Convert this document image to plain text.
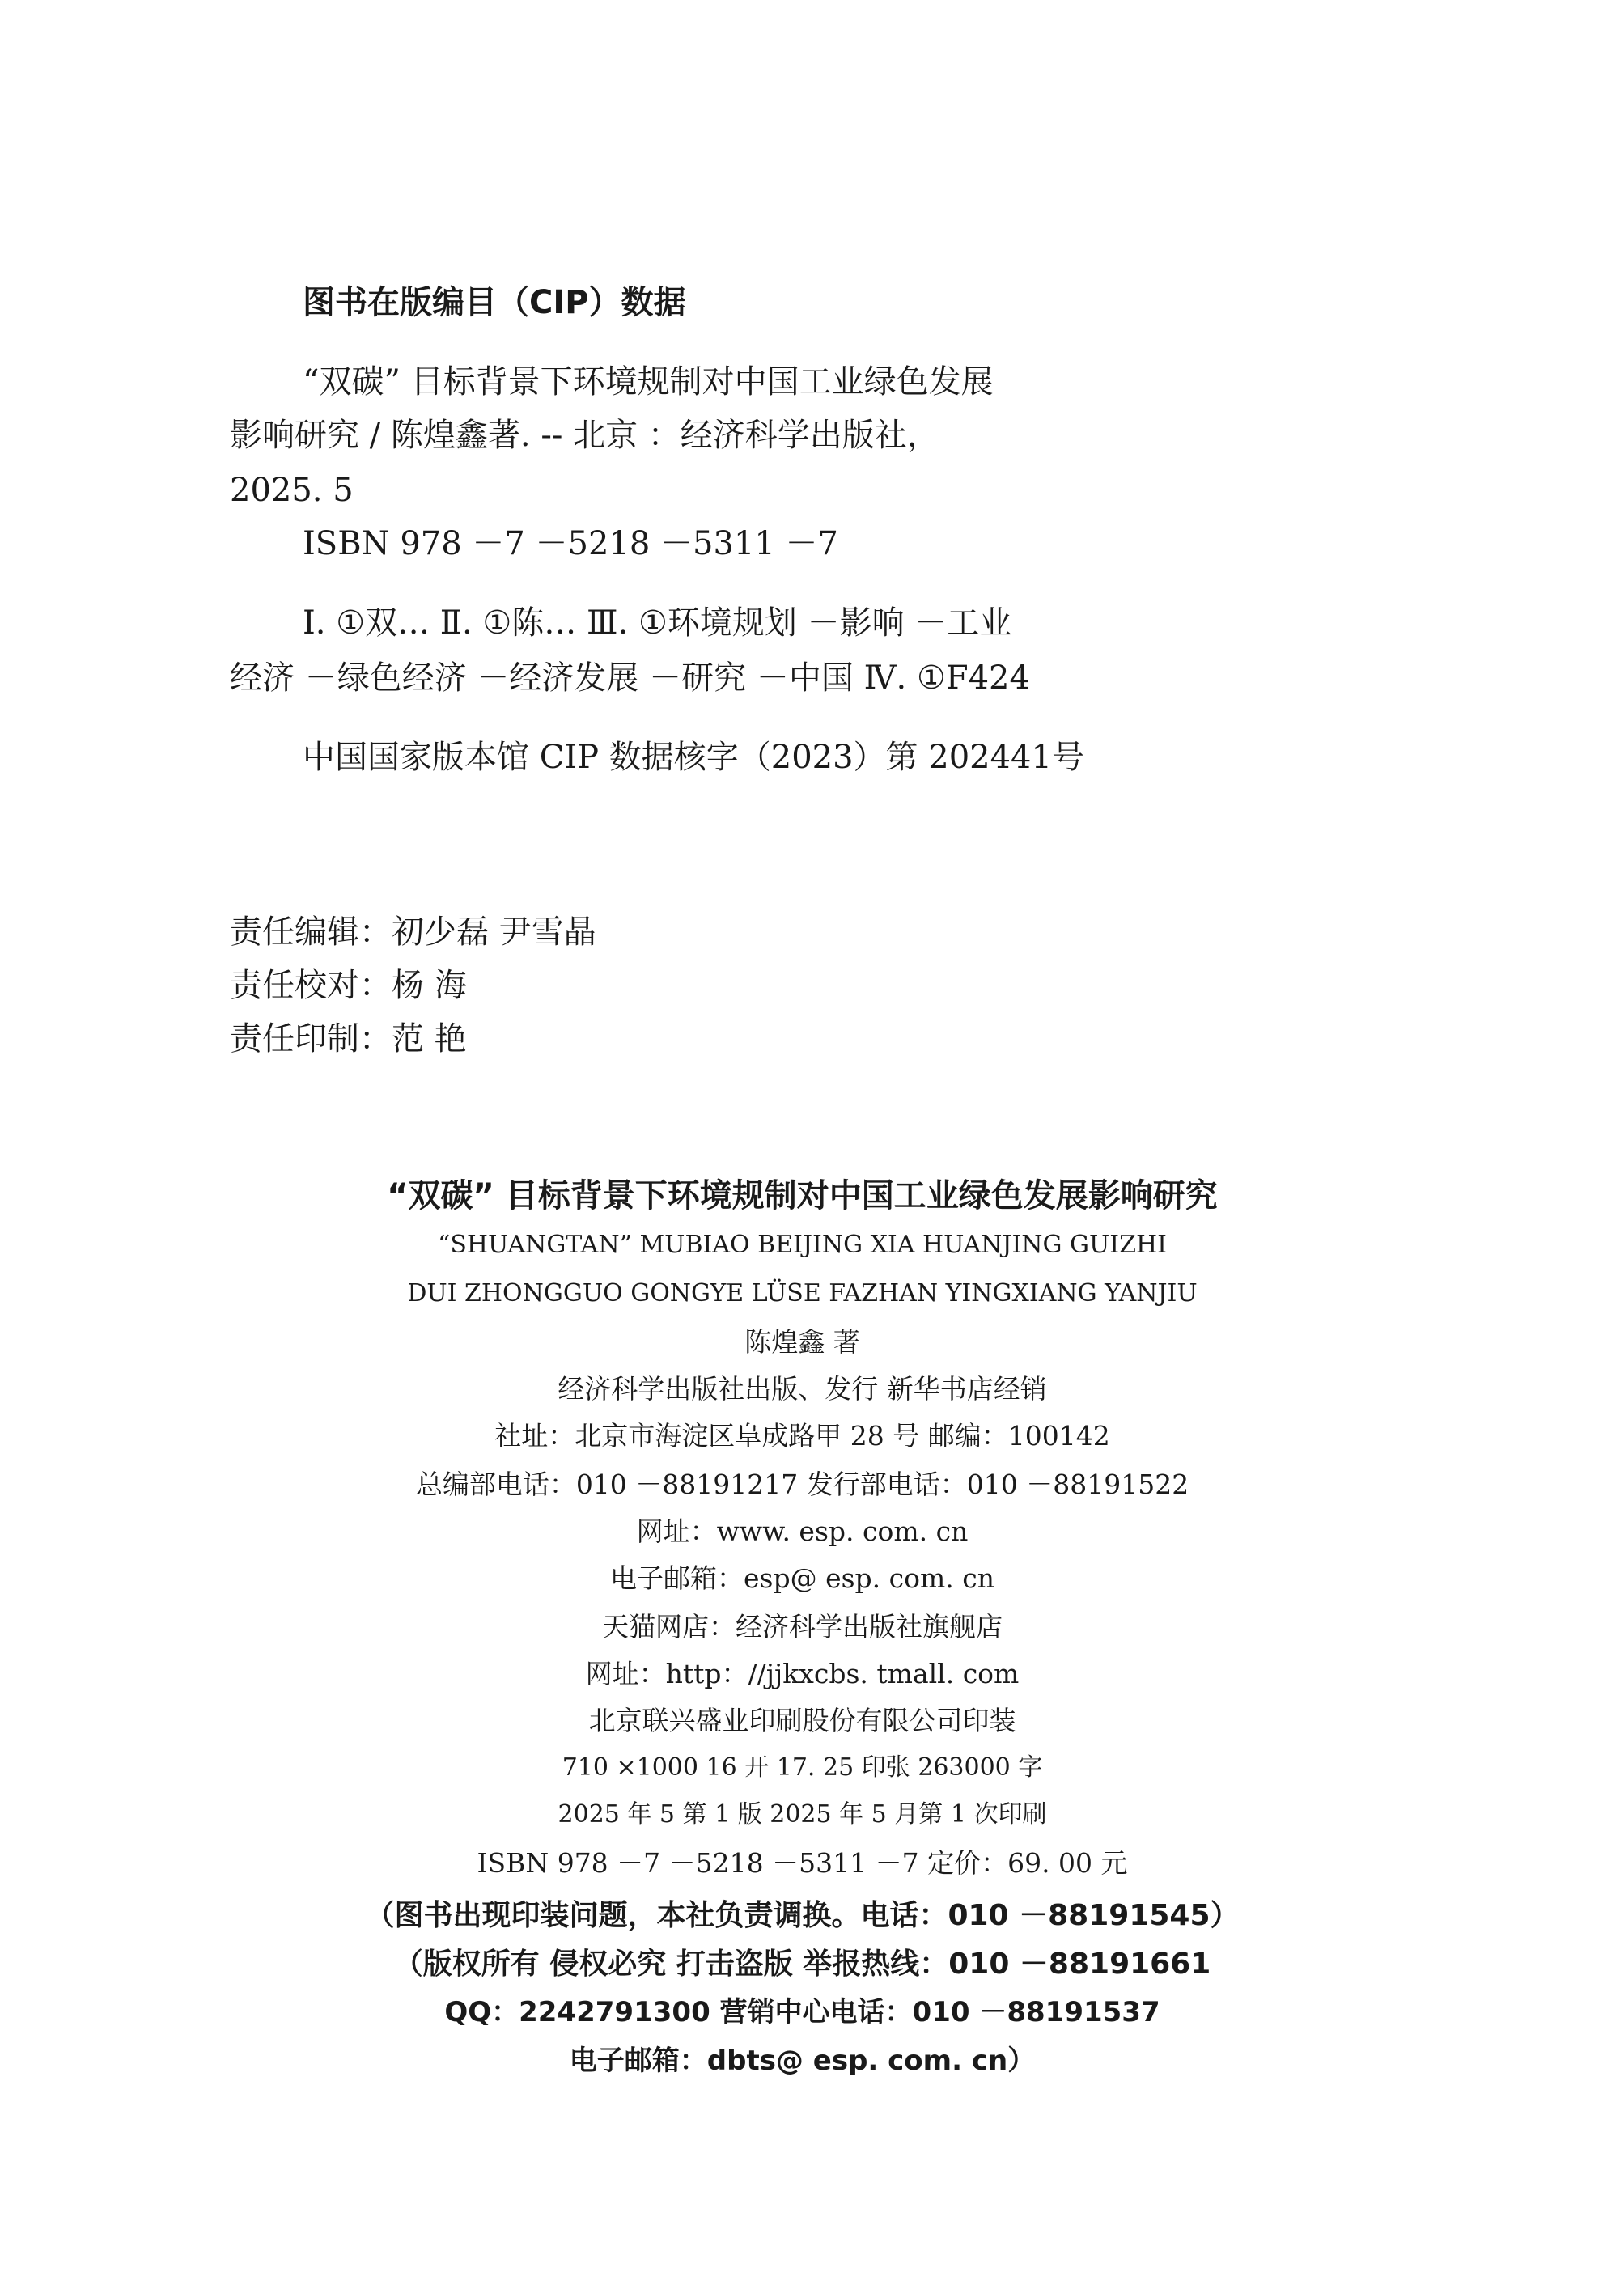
图书在版编目（CIP）数据
“双碳” 目标背景下环境规制对中国工业绿色发展
影响研究 / 陈煌鑫著. -- 北京 ：经济科学出版社，
2025. 5
ISBN 978 －7 －5218 －5311 －7
Ⅰ. ①双… Ⅱ. ①陈… Ⅲ. ①环境规划 －影响 －工业
经济 －绿色经济 －经济发展 －研究 －中国 Ⅳ. ①F424
中国国家版本馆 CIP 数据核字（2023）第 202441号
责任编辑：初少磊 尹雪晶
责任校对：杨 海
责任印制：范 艳
“双碳” 目标背景下环境规制对中国工业绿色发展影响研究
“SHUANGTAN” MUBIAO BEIJING XIA HUANJING GUIZHI
DUI ZHONGGUO GONGYE LÜSE FAZHAN YINGXIANG YANJIU
陈煌鑫 著
经济科学出版社出版、发行 新华书店经销
社址：北京市海淀区阜成路甲 28 号 邮编：100142
总编部电话：010 －88191217 发行部电话：010 －88191522
网址：www. esp. com. cn
电子邮箱：esp@ esp. com. cn
天猫网店：经济科学出版社旗舰店
网址：http：//jjkxcbs. tmall. com
北京联兴盛业印刷股份有限公司印装
710 ×1000 16 开 17. 25 印张 263000 字
2025 年 5 第 1 版 2025 年 5 月第 1 次印刷
ISBN 978 －7 －5218 －5311 －7 定价：69. 00 元
（图书出现印装问题，本社负责调换。电话：010 －88191545）
（版权所有 侵权必究 打击盗版 举报热线：010 －88191661
QQ：2242791300 营销中心电话：010 －88191537
电子邮箱：dbts@ esp. com. cn）
